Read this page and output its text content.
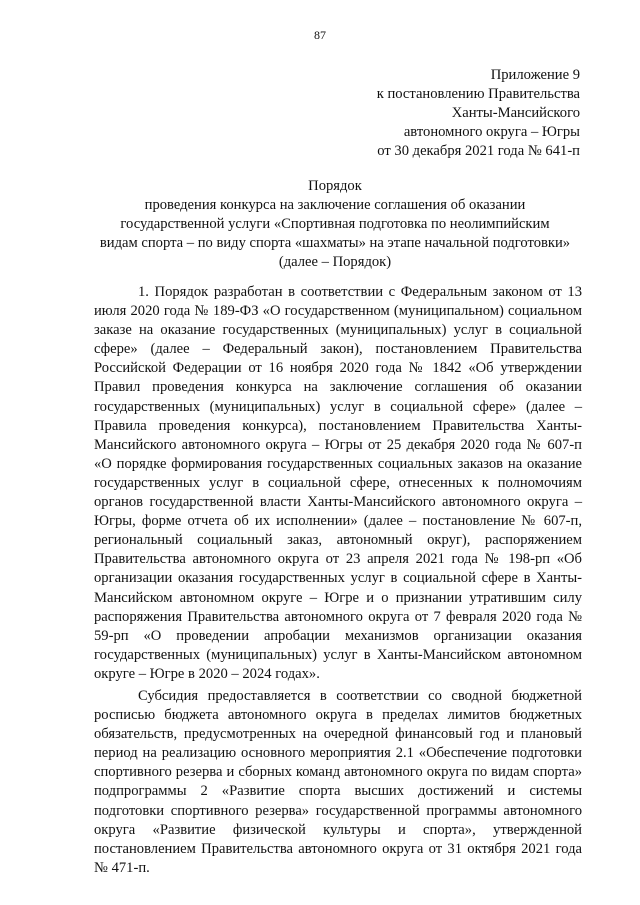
87
Приложение 9
к постановлению Правительства
Ханты-Мансийского
автономного округа – Югры
от 30 декабря 2021 года № 641-п
Порядок
проведения конкурса на заключение соглашения об оказании
государственной услуги «Спортивная подготовка по неолимпийским
видам спорта – по виду спорта «шахматы» на этапе начальной подготовки»
(далее – Порядок)

1. Порядок разработан в соответствии с Федеральным законом от 13 июля 2020 года № 189-ФЗ «О государственном (муниципальном) социальном заказе на оказание государственных (муниципальных) услуг в социальной сфере» (далее – Федеральный закон), постановлением Правительства Российской Федерации от 16 ноября 2020 года № 1842 «Об утверждении Правил проведения конкурса на заключение соглашения об оказании государственных (муниципальных) услуг в социальной сфере» (далее – Правила проведения конкурса), постановлением Правительства Ханты-Мансийского автономного округа – Югры от 25 декабря 2020 года № 607-п «О порядке формирования государственных социальных заказов на оказание государственных услуг в социальной сфере, отнесенных к полномочиям органов государственной власти Ханты-Мансийского автономного округа – Югры, форме отчета об их исполнении» (далее – постановление № 607-п, региональный социальный заказ, автономный округ), распоряжением Правительства автономного округа от 23 апреля 2021 года № 198-рп «Об организации оказания государственных услуг в социальной сфере в Ханты-Мансийском автономном округе – Югре и о признании утратившим силу распоряжения Правительства автономного округа от 7 февраля 2020 года № 59-рп «О проведении апробации механизмов организации оказания государственных (муниципальных) услуг в Ханты-Мансийском автономном округе – Югре в 2020 – 2024 годах».

Субсидия предоставляется в соответствии со сводной бюджетной росписью бюджета автономного округа в пределах лимитов бюджетных обязательств, предусмотренных на очередной финансовый год и плановый период на реализацию основного мероприятия 2.1 «Обеспечение подготовки спортивного резерва и сборных команд автономного округа по видам спорта» подпрограммы 2 «Развитие спорта высших достижений и системы подготовки спортивного резерва» государственной программы автономного округа «Развитие физической культуры и спорта», утвержденной постановлением Правительства автономного округа от 31 октября 2021 года № 471-п.
